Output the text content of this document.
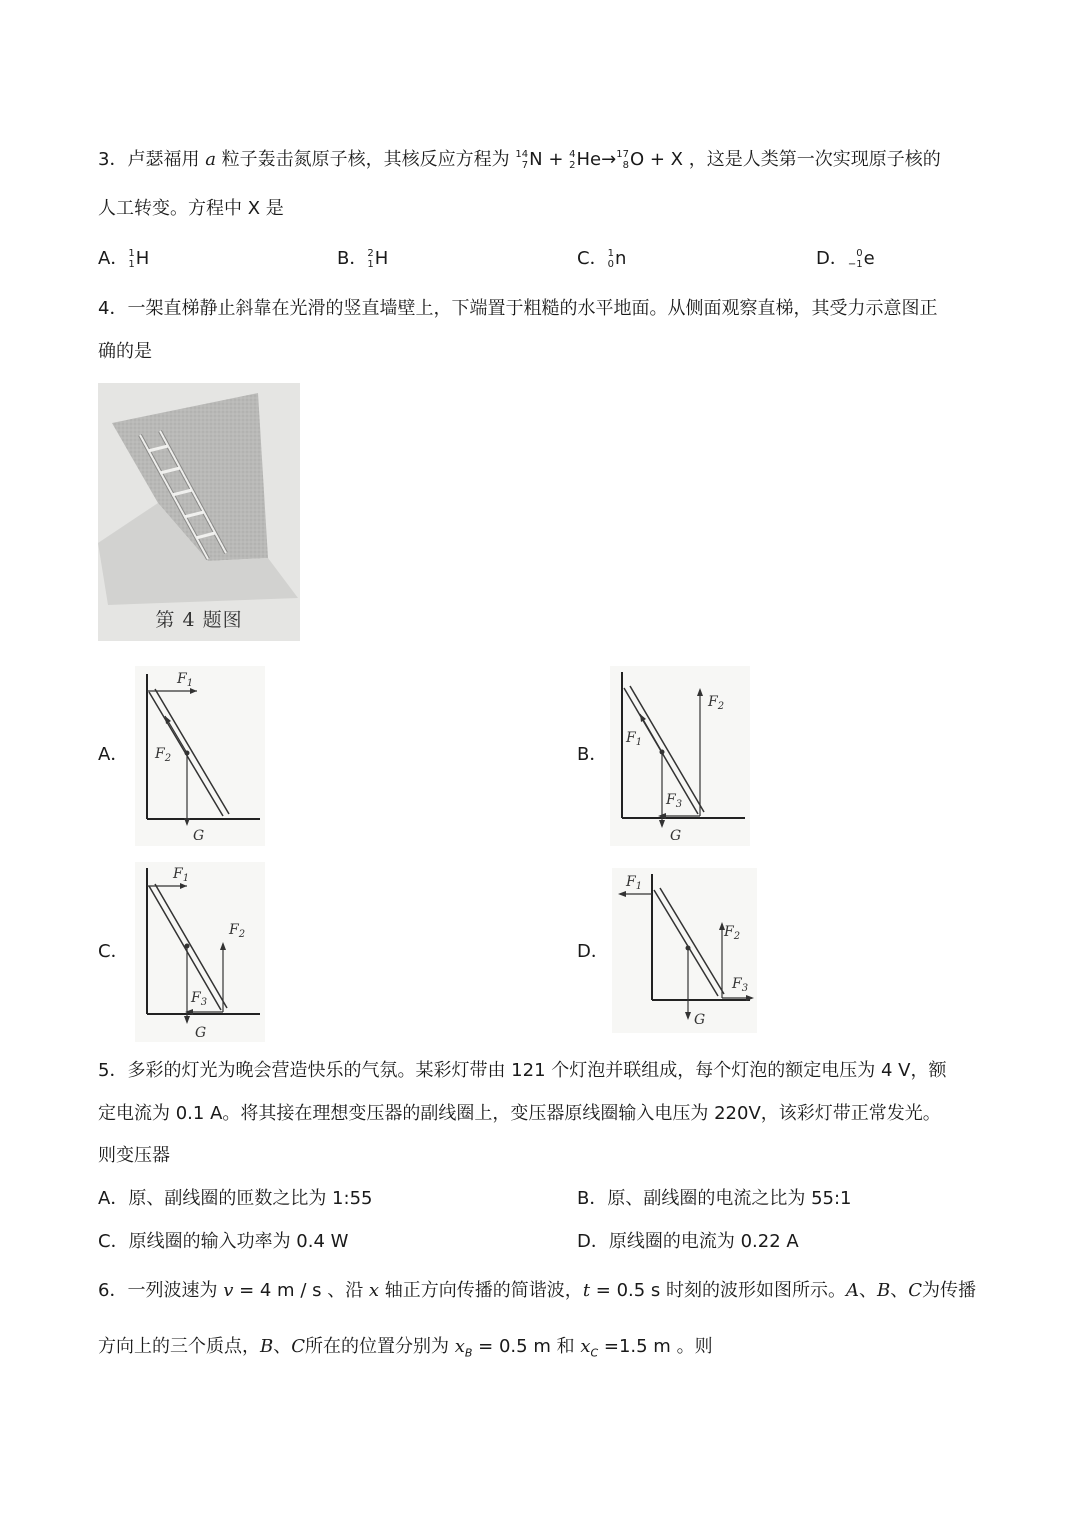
3．卢瑟福用 a 粒子轰击氮原子核，其核反应方程为 14
7 N + 4
2 He→ 17
8 O + X ，这是人类第一次实现原子核的
人工转变。方程中 X 是
A． 1
1 H	B． 2
1 H	C． 1
0 n	D． 0
−1 e
4．一架直梯静止斜靠在光滑的竖直墙壁上，下端置于粗糙的水平地面。从侧面观察直梯，其受力示意图正
确的是
第 4 题图
A．
$F_1$
$F_2$
G
B．
$F_2$
$F_1$
$F_3$
G
C．
$F_1$
$F_2$
$F_3$
G
D．
$F_1$
$F_2$
$F_3$
G
5．多彩的灯光为晚会营造快乐的气氛。某彩灯带由 121 个灯泡并联组成，每个灯泡的额定电压为 4 V，额
定电流为 0.1 A。将其接在理想变压器的副线圈上，变压器原线圈输入电压为 220V，该彩灯带正常发光。
则变压器
A．原、副线圈的匝数之比为 1:55	B．原、副线圈的电流之比为 55:1
C．原线圈的输入功率为 0.4 W	D．原线圈的电流为 0.22 A
6．一列波速为 v = 4 m / s 、沿 x 轴正方向传播的简谐波，t = 0.5 s 时刻的波形如图所示。A、B、C为传播
方向上的三个质点，B、C所在的位置分别为 $x_B = 0.5$ m 和 $x_C =1.5$ m 。则
